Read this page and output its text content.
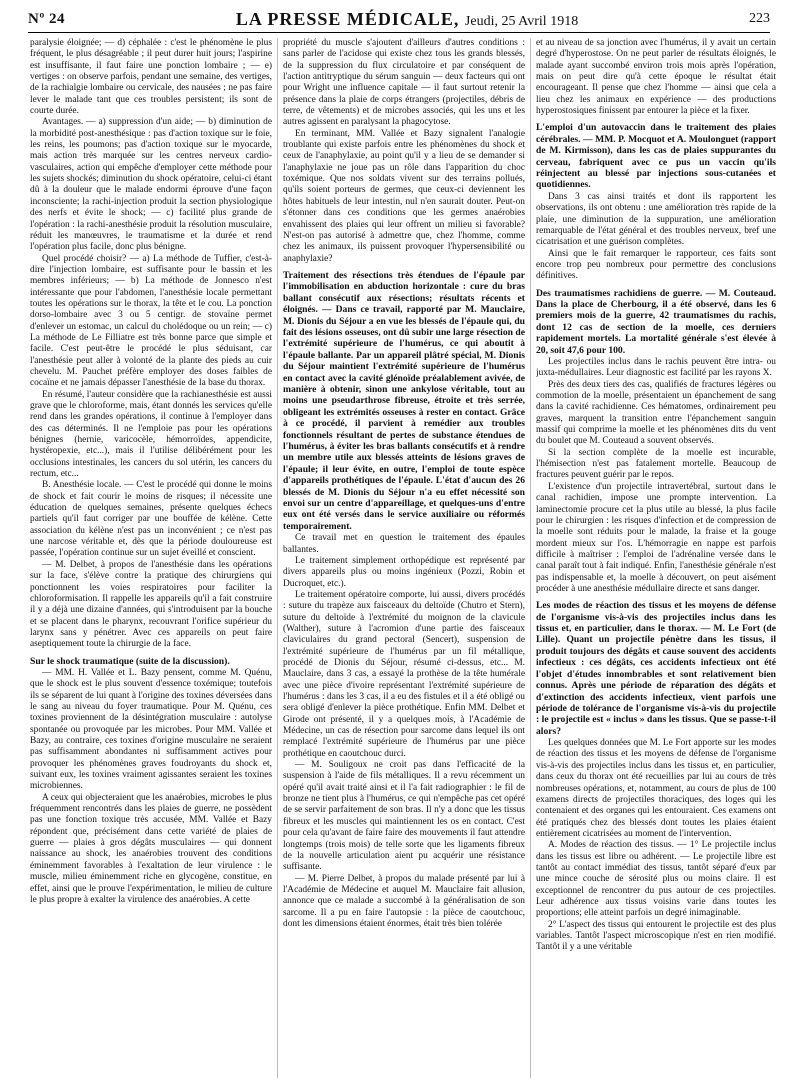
Nº 24	LA PRESSE MÉDICALE, Jeudi, 25 Avril 1918	223

paralysie éloignée; — d) céphalée : c'est le phénomène le plus fréquent, le plus désagréable ; il peut durer huit jours; l'aspirine est insuffisante, il faut faire une ponction lombaire ; — e) vertiges : on observe parfois, pendant une semaine, des vertiges, de la rachialgie lombaire ou cervicale, des nausées ; ne pas faire lever le malade tant que ces troubles persistent; ils sont de courte durée.

Avantages. — a) suppression d'un aide; — b) diminution de la morbidité post-anesthésique : pas d'action toxique sur le foie, les reins, les poumons; pas d'action toxique sur le myocarde, mais action très marquée sur les centres nerveux cardio-vasculaires, action qui empêche d'employer cette méthode pour les sujets shockés; diminution du shock opératoire, celui-ci étant dû à la douleur que le malade endormi éprouve d'une façon inconsciente; la rachi-injection produit la section physiologique des nerfs et évite le shock; — c) facilité plus grande de l'opération : la rachi-anesthésie produit la résolution musculaire, réduit les manœuvres, le traumatisme et la durée et rend l'opération plus facile, donc plus bénigne.

Quel procédé choisir? — a) La méthode de Tuffier, c'est-à-dire l'injection lombaire, est suffisante pour le bassin et les membres inférieurs; — b) La méthode de Jonnesco n'est intéressante que pour l'abdomen, l'anesthésie locale permettant toutes les opérations sur le thorax, la tête et le cou. La ponction dorso-lombaire avec 3 ou 5 centigr. de stovaïne permet d'enlever un estomac, un calcul du cholédoque ou un rein; — c) La méthode de Le Filliatre est très bonne parce que simple et facile. C'est peut-être le procédé le plus séduisant, car l'anesthésie peut aller à volonté de la plante des pieds au cuir chevelu. M. Pauchet préfère employer des doses faibles de cocaïne et ne jamais dépasser l'anesthésie de la base du thorax.

En résumé, l'auteur considère que la rachianesthésie est aussi grave que le chloroforme, mais, étant donnés les services qu'elle rend dans les grandes opérations, il continue à l'employer dans des cas déterminés. Il ne l'emploie pas pour les opérations bénignes (hernie, varicocèle, hémorroïdes, appendicite, hystéropexie, etc...), mais il l'utilise délibérément pour les occlusions intestinales, les cancers du sol utérin, les cancers du rectum, etc...

B. Anesthésie locale. — C'est le procédé qui donne le moins de shock et fait courir le moins de risques; il nécessite une éducation de quelques semaines, présente quelques échecs partiels qu'il faut corriger par une bouffée de kélène. Cette association du kélène n'est pas un inconvénient ; ce n'est pas une narcose véritable et, dès que la période douloureuse est passée, l'opération continue sur un sujet éveillé et conscient.

— M. Delbet, à propos de l'anesthésie dans les opérations sur la face, s'élève contre la pratique des chirurgiens qui ponctionnent les voies respiratoires pour faciliter la chloroformisation. Il rappelle les appareils qu'il a fait construire il y a déjà une dizaine d'années, qui s'introduisent par la bouche et se placent dans le pharynx, recouvrant l'orifice supérieur du larynx sans y pénétrer. Avec ces appareils on peut faire aseptiquement toute la chirurgie de la face.

Sur le shock traumatique (suite de la discussion).

— MM. H. Vallée et L. Bazy pensent, comme M. Quénu, que le shock est le plus souvent d'essence toxémique; toutefois ils se séparent de lui quant à l'origine des toxines déversées dans le sang au niveau du foyer traumatique. Pour M. Quénu, ces toxines proviennent de la désintégration musculaire : autolyse spontanée ou provoquée par les microbes. Pour MM. Vallée et Bazy, au contraire, ces toxines d'origine musculaire ne seraient pas suffisamment abondantes ni suffisamment actives pour provoquer les phénomènes graves foudroyants du shock et, suivant eux, les toxines vraiment agissantes seraient les toxines microbiennes.

A ceux qui objecteraient que les anaérobies, microbes le plus fréquemment rencontrés dans les plaies de guerre, ne possèdent pas une fonction toxique très accusée, MM. Vallée et Bazy répondent que, précisément dans cette variété de plaies de guerre — plaies à gros dégâts musculaires — qui donnent naissance au shock, les anaérobies trouvent des conditions éminemment favorables à l'exaltation de leur virulence : le muscle, milieu éminemment riche en glycogène, constitue, en effet, ainsi que le prouve l'expérimentation, le milieu de culture le plus propre à exalter la virulence des anaérobies. A cette

propriété du muscle s'ajoutent d'ailleurs d'autres conditions : sans parler de l'acidose qui existe chez tous les grands blessés, de la suppression du flux circulatoire et par conséquent de l'action antitryptique du sérum sanguin — deux facteurs qui ont pour Wright une influence capitale — il faut surtout retenir la présence dans la plaie de corps étrangers (projectiles, débris de terre, de vêtements) et de microbes associés, qui les uns et les autres agissent en paralysant la phagocytose.

En terminant, MM. Vallée et Bazy signalent l'analogie troublante qui existe parfois entre les phénomènes du shock et ceux de l'anaphylaxie, au point qu'il y a lieu de se demander si l'anaphylaxie ne joue pas un rôle dans l'apparition du choc toxémique. Que nos soldats vivent sur des terrains pollués, qu'ils soient porteurs de germes, que ceux-ci deviennent les hôtes habituels de leur intestin, nul n'en saurait douter. Peut-on s'étonner dans ces conditions que les germes anaérobies envahissent des plaies qui leur offrent un milieu si favorable? N'est-on pas autorisé à admettre que, chez l'homme, comme chez les animaux, ils puissent provoquer l'hypersensibilité ou anaphylaxie?

Traitement des résections très étendues de l'épaule par l'immobilisation en abduction horizontale : cure du bras ballant consécutif aux résections; résultats récents et éloignés. — Dans ce travail, rapporté par M. Mauclaire, M. Dionis du Séjour a en vue les blessés de l'épaule qui, du fait des lésions osseuses, ont dû subir une large résection de l'extrémité supérieure de l'humérus, ce qui aboutit à l'épaule ballante. Par un appareil plâtré spécial, M. Dionis du Séjour maintient l'extrémité supérieure de l'humérus en contact avec la cavité glénoïde préalablement avivée, de manière à obtenir, sinon une ankylose véritable, tout au moins une pseudarthrose fibreuse, étroite et très serrée, obligeant les extrémités osseuses à rester en contact. Grâce à ce procédé, il parvient à remédier aux troubles fonctionnels résultant de pertes de substance étendues de l'humérus, à éviter les bras ballants consécutifs et à rendre un membre utile aux blessés atteints de lésions graves de l'épaule; il leur évite, en outre, l'emploi de toute espèce d'appareils prothétiques de l'épaule. L'état d'aucun des 26 blessés de M. Dionis du Séjour n'a eu effet nécessité son envoi sur un centre d'appareillage, et quelques-uns d'entre eux ont été versés dans le service auxiliaire ou réformés temporairement.

Ce travail met en question le traitement des épaules ballantes.

Le traitement simplement orthopédique est représenté par divers appareils plus ou moins ingénieux (Pozzi, Robin et Ducroquet, etc.).

Le traitement opératoire comporte, lui aussi, divers procédés : suture du trapèze aux faisceaux du deltoïde (Chutro et Stern), suture du deltoïde à l'extrémité du moignon de la clavicule (Walther), suture à l'acromion d'une partie des faisceaux claviculaires du grand pectoral (Sencert), suspension de l'extrémité supérieure de l'humérus par un fil métallique, procédé de Dionis du Séjour, résumé ci-dessus, etc... M. Mauclaire, dans 3 cas, a essayé la prothèse de la tête humérale avec une pièce d'ivoire représentant l'extrémité supérieure de l'humérus : dans les 3 cas, il a eu des fistules et il a été obligé ou sera obligé d'enlever la pièce prothétique. Enfin MM. Delbet et Girode ont présenté, il y a quelques mois, à l'Académie de Médecine, un cas de résection pour sarcome dans lequel ils ont remplacé l'extrémité supérieure de l'humérus par une pièce prothétique en caoutchouc durci.

— M. Souligoux ne croit pas dans l'efficacité de la suspension à l'aide de fils métalliques. Il a revu récemment un opéré qu'il avait traité ainsi et il l'a fait radiographier : le fil de bronze ne tient plus à l'humérus, ce qui n'empêche pas cet opéré de se servir parfaitement de son bras. Il n'y a donc que les tissus fibreux et les muscles qui maintiennent les os en contact. C'est pour cela qu'avant de faire faire des mouvements il faut attendre longtemps (trois mois) de telle sorte que les ligaments fibreux de la nouvelle articulation aient pu acquérir une résistance suffisante.

— M. Pierre Delbet, à propos du malade présenté par lui à l'Académie de Médecine et auquel M. Mauclaire fait allusion, annonce que ce malade a succombé à la généralisation de son sarcome. Il a pu en faire l'autopsie : la pièce de caoutchouc, dont les dimensions étaient énormes, était très bien tolérée

et au niveau de sa jonction avec l'humérus, il y avait un certain degré d'hyperostose. On ne peut parler de résultats éloignés, le malade ayant succombé environ trois mois après l'opération, mais on peut dire qu'à cette époque le résultat était encourageant. Il pense que chez l'homme — ainsi que cela a lieu chez les animaux en expérience — des productions hyperostosiques finissent par entourer la pièce et la fixer.

L'emploi d'un autovaccin dans le traitement des plaies cérébrales. — MM. P. Mocquot et A. Moulonguet (rapport de M. Kirmisson), dans les cas de plaies suppurantes du cerveau, fabriquent avec ce pus un vaccin qu'ils réinjectent au blessé par injections sous-cutanées et quotidiennes.

Dans 3 cas ainsi traités et dont ils rapportent les observations, ils ont obtenu : une amélioration très rapide de la plaie, une diminution de la suppuration, une amélioration remarquable de l'état général et des troubles nerveux, bref une cicatrisation et une guérison complètes.

Ainsi que le fait remarquer le rapporteur, ces faits sont encore trop peu nombreux pour permettre des conclusions définitives.

Des traumatismes rachidiens de guerre. — M. Couteaud. Dans la place de Cherbourg, il a été observé, dans les 6 premiers mois de la guerre, 42 traumatismes du rachis, dont 12 cas de section de la moelle, ces derniers rapidement mortels. La mortalité générale s'est élevée à 20, soit 47,6 pour 100.

Les projectiles inclus dans le rachis peuvent être intra- ou juxta-médullaires. Leur diagnostic est facilité par les rayons X.

Près des deux tiers des cas, qualifiés de fractures légères ou commotion de la moelle, présentaient un épanchement de sang dans la cavité rachidienne. Ces hématomes, ordinairement peu graves, marquent la transition entre l'épanchement sanguin massif qui comprime la moelle et les phénomènes dits du vent du boulet que M. Couteaud a souvent observés.

Si la section complète de la moelle est incurable, l'hémisection n'est pas fatalement mortelle. Beaucoup de fractures peuvent guérir par le repos.

L'existence d'un projectile intravertébral, surtout dans le canal rachidien, impose une prompte intervention. La laminectomie procure cet la plus utile au blessé, la plus facile pour le chirurgien : les risques d'infection et de compression de la moelle sont réduits pour le malade, la fraise et la gouge mordent mieux sur l'os. L'hémorragie en nappe est parfois difficile à maîtriser : l'emploi de l'adrénaline versée dans le canal paraît tout à fait indiqué. Enfin, l'anesthésie générale n'est pas indispensable et, la moelle à découvert, on peut aisément procéder à une anesthésie médullaire directe et sans danger.

Les modes de réaction des tissus et les moyens de défense de l'organisme vis-à-vis des projectiles inclus dans les tissus et, en particulier, dans le thorax. — M. Le Fort (de Lille). Quant un projectile pénètre dans les tissus, il produit toujours des dégâts et cause souvent des accidents infectieux : ces dégâts, ces accidents infectieux ont été l'objet d'études innombrables et sont relativement bien connus. Après une période de réparation des dégâts et d'extinction des accidents infectieux, vient parfois une période de tolérance de l'organisme vis-à-vis du projectile : le projectile est « inclus » dans les tissus. Que se passe-t-il alors?

Les quelques données que M. Le Fort apporte sur les modes de réaction des tissus et les moyens de défense de l'organisme vis-à-vis des projectiles inclus dans les tissus et, en particulier, dans ceux du thorax ont été recueillies par lui au cours de très nombreuses opérations, et, notamment, au cours de plus de 100 examens directs de projectiles thoraciques, des loges qui les contenaient et des organes qui les entouraient. Ces examens ont été pratiqués chez des blessés dont toutes les plaies étaient entièrement cicatrisées au moment de l'intervention.

A. Modes de réaction des tissus. — 1° Le projectile inclus dans les tissus est libre ou adhérent. — Le projectile libre est tantôt au contact immédiat des tissus, tantôt séparé d'eux par une mince couche de sérosité plus ou moins claire. Il est exceptionnel de rencontrer du pus autour de ces projectiles. Leur adhérence aux tissus voisins varie dans toutes les proportions; elle atteint parfois un degré inimaginable.

2° L'aspect des tissus qui entourent le projectile est des plus variables. Tantôt l'aspect microscopique n'est en rien modifié. Tantôt il y a une véritable
